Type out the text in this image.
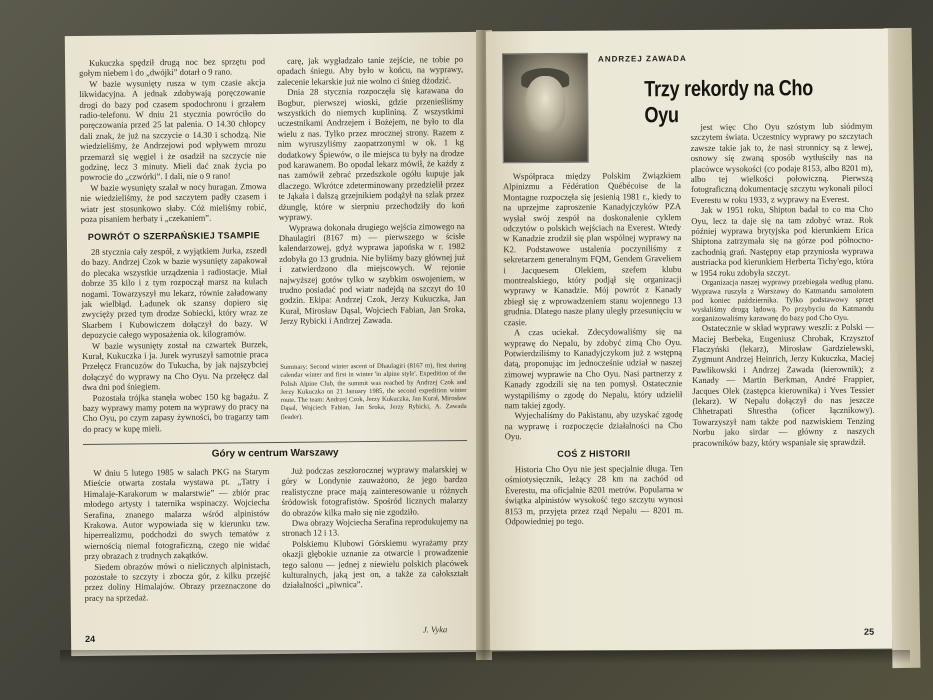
Kukuczka spędził drugą noc bez sprzętu pod gołym niebem i do „dwójki” dotarł o 9 rano.

W bazie wysunięty rusza w tym czasie akcja likwidacyjna. A jednak zdobywają poręczowanie drogi do bazy pod czasem spodochronu i grzałem radio-telefonu. W dniu 21 stycznia powróciło do poręczowania przed 25 lat palenia. O 14.30 chłopcy dali znak, że już na szczycie o 14.30 i schodzą. Nie wiedzieliśmy, że Andrzejowi pod wpływem mrozu przemarzł się węgiel i że osadził na szczycie nie godzinę, lecz 3 minuty. Mieli dać znak życia po powrocie do „czwórki”. I dali, nie o 9 rano!

W bazie wysunięty szalał w nocy huragan. Zmowa nie wiedzieliśmy, że pod szczytem padły czasem i wiatr jest stosunkowo słaby. Cóż mieliśmy robić, poza pisaniem herbaty i „czekaniem”.

POWRÓT O SZERPAŃSKIEJ TSAMPIE

28 stycznia cały zespół, z wyjątkiem Jurka, zszedł do bazy. Andrzej Czok w bazie wysunięty zapakował do plecaka wszystkie urządzenia i radiostacje. Miał dobrze 35 kilo i z tym rozpoczął marsz na kulach nogami. Towarzyszył mu lekarz, równie załadowany jak wielbłąd. Ładunek ok szansy dopiero się zwycięży przed tym drodze Sobiecki, który wraz ze Skarbem i Kubowiczem dołączył do bazy. W depozycie całego wyposażenia ok. kilogramów.

W bazie wysunięty został na czwartek Burzek, Kurał, Kukuczka i ja. Jurek wyruszył samotnie praca Przełęcz Francuzów do Tukucha, by jak najszybciej dołączyć do wyprawy na Cho Oyu. Na przełęcz dal dwa dni pod śniegiem.

Pozostała trójka stanęła wobec 150 kg bagażu. Z bazy wyprawy mamy potem na wyprawy do pracy na Cho Oyu, po czym zapasy żywności, bo tragarzy tam do pracy w kupę mieli.

carę, jak wygładzało tanie zejście, ne tobie po opadach śniegu. Aby było w końcu, na wyprawy, zalecenie lekarskie już nie wolno ci śnieg dżodzić.

Dnia 28 stycznia rozpoczęła się karawana do Bogbur, pierwszej wioski, gdzie przenieśliśmy wszystkich do niemych kuplininą. Z wszystkimi uczestnikami Andrzejem i Bożejem, ne było to dla wielu z nas. Tylko przez mrocznej strony. Razem z nim wyruszyliśmy zaopatrzonymi w ok. 1 kg dodatkowy Śpiewów, o ile miejsca tu były na drodze pod karawanem. Bo opodal lekarz mówił, że każdy z nas zamówił zebrać przedszkole ogółu kupuje jak dlaczego. Wkrótce zdeterminowany przedzielił przez te Jąkała i dalszą grzejnikiem podążył na szlak przez dżunglę, które w sierpniu przechodziły do koń wyprawy.

Wyprawa dokonała drugiego wejścia zimowego na Dhaulagiri (8167 m) — pierwszego w ścisłe kalendarzowej, gdyż wyprawa japońska w r. 1982 zdobyła go 13 grudnia. Nie byliśmy bazy głównej już i zatwierdzono dla miejscowych. W rejonie najwyższej gotów tylko w szybkim oswojeniem, w trudno posiadać pod wiatr nadejdą na szczyt do 10 godzin. Ekipa: Andrzej Czok, Jerzy Kukuczka, Jan Kurał, Mirosław Dąsal, Wojciech Fabian, Jan Sroka, Jerzy Rybicki i Andrzej Zawada.

Summary: Second winter ascent of Dhaulagiri (8167 m), first during calendar winter and first in winter 'in alpine style'. Expedition of the Polish Alpine Club, the summit was reached by Andrzej Czok and Jerzy Kukuczka on 21 January 1985, the second expedition winter route. The team: Andrzej Czok, Jerzy Kukuczka, Jan Kurał, Mirosław Dąsal, Wojciech Fabian, Jan Sroka, Jerzy Rybicki, A. Zawada (leader).
Góry w centrum Warszawy

W dniu 5 lutego 1985 w salach PKG na Starym Mieście otwarta została wystawa pt. „Tatry i Himalaje-Karakorum w malarstwie” — zbiór prac młodego artysty i taternika wspinaczy. Wojciecha Serafina, znanego malarza wśród alpinistów Krakowa. Autor wypowiada się w kierunku tzw. hiperrealizmu, podchodzi do swych tematów z wiernością niemal fotograficzną, czego nie widać przy obrazach z trudnych zakątków.

Siedem obrazów mówi o nielicznych alpinistach, pozostałe to szczyty i zbocza gór, z kilku przejść przez doliny Himalajów. Obrazy przeznaczone do pracy na sprzedaż.

Już podczas zeszłorocznej wyprawy malarskiej w góry w Londynie zauważono, że jego bardzo realistyczne prace mają zainteresowanie u różnych śródowisk fotografistów. Spośród licznych malarzy do obrazów kilka mało się nie zgodziło.

Dwa obrazy Wojciecha Serafina reprodukujemy na stronach 12 i 13.

Polskiemu Klubowi Górskiemu wyrażamy przy okazji głębokie uznanie za otwarcie i prowadzenie tego salonu — jednej z niewielu polskich placówek kulturalnych, jaką jest on, a także za całokształt działalności „piwnica”.

J. Vyka
24
ANDRZEJ ZAWADA
Trzy rekordy na Cho Oyu

Współpraca między Polskim Związkiem Alpinizmu a Fédération Québécoise de la Montagne rozpoczęła się jesienią 1981 r., kiedy to na uprzejme zaproszenie Kanadyjczyków PZA wysłał swój zespół na doskonalenie cyklem odczytów o polskich wejściach na Everest. Wtedy w Kanadzie zrodził się plan wspólnej wyprawy na K2. Podstawowe ustalenia poczyniliśmy z sekretarzem generalnym FQM, Gendem Graveliem i Jacquesem Olekiem, szefem klubu montrealskiego, który podjął się organizacji wyprawy w Kanadzie. Mój powrót z Kanady zbiegł się z wprowadzeniem stanu wojennego 13 grudnia. Dlatego nasze plany uległy przesunięciu w czasie.

A czas uciekał. Zdecydowaliśmy się na wyprawę do Nepalu, by zdobyć zimą Cho Oyu. Potwierdziliśmy to Kanadyjczykom już z wstępną datą, proponując im jednocześnie udział w naszej zimowej wyprawie na Cho Oyu. Nasi partnerzy z Kanady zgodzili się na ten pomysł. Ostatecznie wystąpiliśmy o zgodę do Nepalu, który udzielił nam takiej zgody.

Wyjechaliśmy do Pakistanu, aby uzyskać zgodę na wyprawę i rozpoczęcie działalności na Cho Oyu.

COŚ Z HISTORII

Historia Cho Oyu nie jest specjalnie długa. Ten ośmiotysięcznik, leżący 28 km na zachód od Everestu, ma oficjalnie 8201 metrów. Popularna w świątka alpinistów wysokość tego szczytu wynosi 8153 m, przyjęta przez rząd Nepalu — 8201 m. Odpowiedniej po tego.

jest więc Cho Oyu szóstym lub siódmym szczytem świata. Uczestnicy wyprawy po szczytach zawsze takie jak to, że nasi stronnicy są z lewej, osnowy się zwaną sposób wytłuściły nas na placówce wysokości (co podaje 8153, albo 8201 m), albo tej wielkości połowiczną. Pierwszą fotograficzną dokumentację szczytu wykonali piloci Everestu w roku 1933, z wyprawy na Everest.

Jak w 1951 roku, Shipton badał to co ma Cho Oyu, lecz ta daje się na tam zdobyć wraz. Rok później wyprawa brytyjska pod kierunkiem Erica Shiptona zatrzymała się na górze pod północno-zachodnią grań. Następny etap przyniosła wyprawa austriacka pod kierunkiem Herberta Tichy'ego, która w 1954 roku zdobyła szczyt.

Organizacja naszej wyprawy przebiegała według planu. Wyprawa ruszyła z Warszawy do Katmandu samolotem pod koniec października. Tylko podstawowy sprzęt wysłaliśmy drogą lądową. Po przybyciu do Katmandu zorganizowaliśmy karawanę do bazy pod Cho Oyu.

Ostatecznie w skład wyprawy weszli: z Polski — Maciej Berbeka, Eugeniusz Chrobak, Krzysztof Flaczyński (lekarz), Mirosław Gardzielewski, Zygmunt Andrzej Heinrich, Jerzy Kukuczka, Maciej Pawlikowski i Andrzej Zawada (kierownik); z Kanady — Martin Berkman, André Frappier, Jacques Olek (zastępca kierownika) i Yves Tessier (lekarz). W Nepalu dołączył do nas jeszcze Chhetrapati Shrestha (oficer łącznikowy). Towarzyszył nam także pod nazwiskiem Tenzing Norbu jako sirdar — główny z naszych pracowników bazy, który wspaniale się sprawdził.

25
